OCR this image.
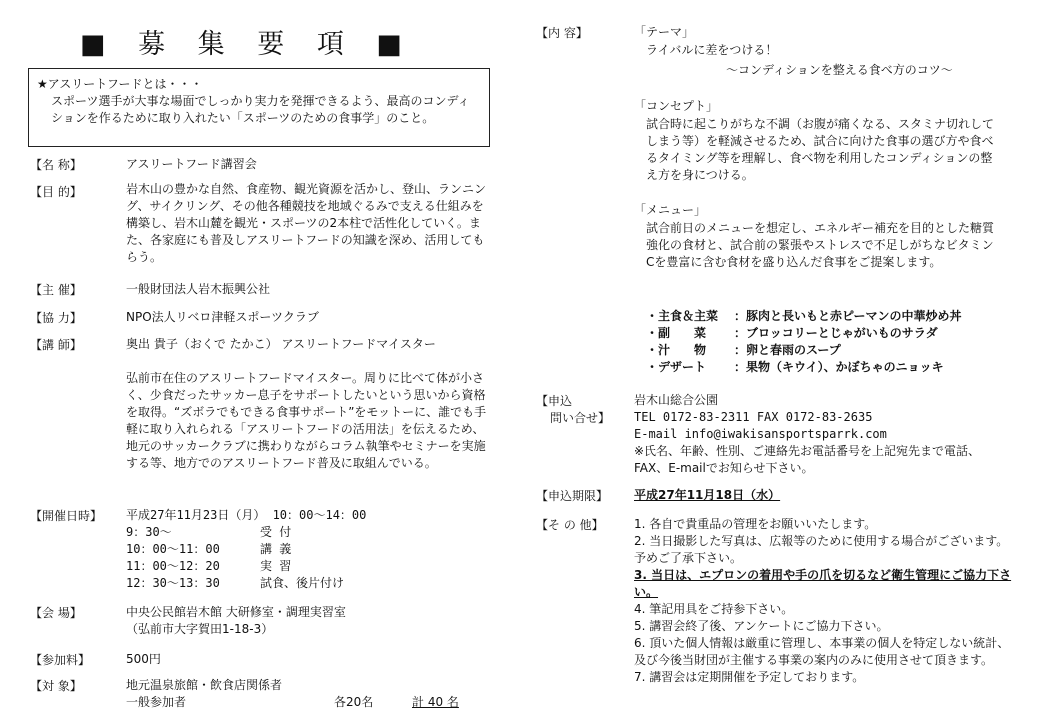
■ 募 集 要 項 ■
★アスリートフードとは・・・
スポーツ選手が大事な場面でしっかり実力を発揮できるよう、最高のコンディションを作るために取り入れたい「スポーツのための食事学」のこと。
【名 称】	アスリートフード講習会
【目 的】	岩木山の豊かな自然、食産物、観光資源を活かし、登山、ランニング、サイクリング、その他各種競技を地域ぐるみで支える仕組みを構築し、岩木山麓を観光・スポーツの2本柱で活性化していく。また、各家庭にも普及しアスリートフードの知識を深め、活用してもらう。
【主 催】	一般財団法人岩木振興公社
【協 力】	NPO法人リベロ津軽スポーツクラブ
【講 師】	奥出 貴子（おくで たかこ） アスリートフードマイスター
弘前市在住のアスリートフードマイスター。周りに比べて体が小さく、少食だったサッカー息子をサポートしたいという思いから資格を取得。“ズボラでもできる食事サポート”をモットーに、誰でも手軽に取り入れられる「アスリートフードの活用法」を伝えるため、地元のサッカークラブに携わりながらコラム執筆やセミナーを実施する等、地方でのアスリートフード普及に取組んでいる。
【開催日時】 平成27年11月23日（月） 10：00～14：00
9：30～	受 付
10：00～11：00	講 義
11：00～12：20	実 習
12：30～13：30	試食、後片付け
【会 場】	中央公民館岩木館 大研修室・調理実習室
（弘前市大字賀田1-18-3）
【参加料】	500円
【対 象】	地元温泉旅館・飲食店関係者
一般参加者	各20名	計 40 名
【内 容】	「テーマ」
ライバルに差をつける！
～コンディションを整える食べ方のコツ～
「コンセプト」
試合時に起こりがちな不調（お腹が痛くなる、スタミナ切れしてしまう等）を軽減させるため、試合に向けた食事の選び方や食べるタイミング等を理解し、食べ物を利用したコンディションの整え方を身につける。
「メニュー」
試合前日のメニューを想定し、エネルギー補充を目的とした糖質強化の食材と、試合前の緊張やストレスで不足しがちなビタミンCを豊富に含む食材を盛り込んだ食事をご提案します。
・主食＆主菜	：豚肉と長いもと赤ピーマンの中華炒め丼
・副　　菜	：ブロッコリーとじゃがいものサラダ
・汁　　物	：卵と春雨のスープ
・デザート	：果物（キウイ）、かぼちゃのニョッキ
【申込
問い合せ】
岩木山総合公園
TEL 0172-83-2311 FAX 0172-83-2635
E-mail info@iwakisansportsparrk.com
※氏名、年齢、性別、ご連絡先お電話番号を上記宛先まで電話、FAX、E-mailでお知らせ下さい。
【申込期限】 平成27年11月18日（水）
【そ の 他】	1. 各自で貴重品の管理をお願いいたします。
2. 当日撮影した写真は、広報等のために使用する場合がございます。予めご了承下さい。
3. 当日は、エプロンの着用や手の爪を切るなど衛生管理にご協力下さい。
4. 筆記用具をご持参下さい。
5. 講習会終了後、アンケートにご協力下さい。
6. 頂いた個人情報は厳重に管理し、本事業の個人を特定しない統計、及び今後当財団が主催する事業の案内のみに使用させて頂きます。
7. 講習会は定期開催を予定しております。
